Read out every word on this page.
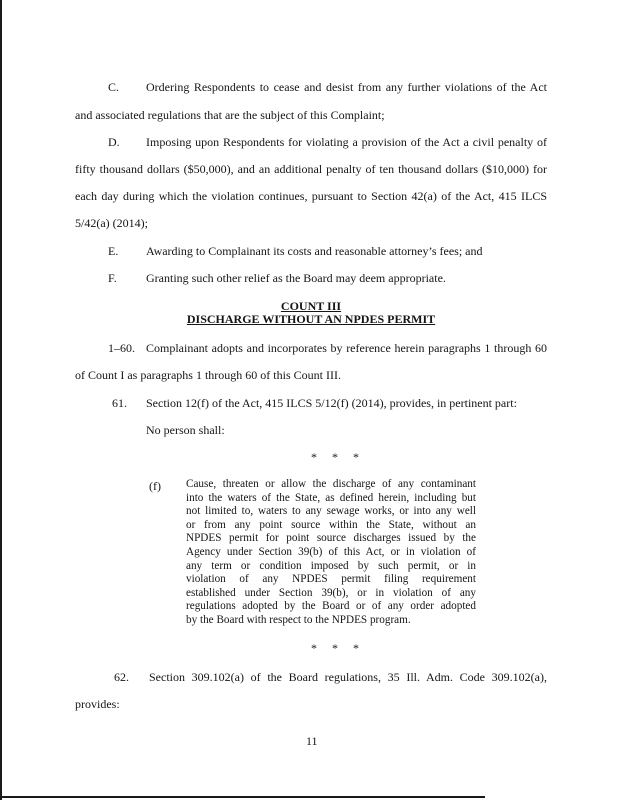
C. Ordering Respondents to cease and desist from any further violations of the Act
and associated regulations that are the subject of this Complaint;
D. Imposing upon Respondents for violating a provision of the Act a civil penalty of
fifty thousand dollars ($50,000), and an additional penalty of ten thousand dollars ($10,000) for
each day during which the violation continues, pursuant to Section 42(a) of the Act, 415 ILCS
5/42(a) (2014);
E. Awarding to Complainant its costs and reasonable attorney’s fees; and
F. Granting such other relief as the Board may deem appropriate.
COUNT III
DISCHARGE WITHOUT AN NPDES PERMIT
1–60. Complainant adopts and incorporates by reference herein paragraphs 1 through 60
of Count I as paragraphs 1 through 60 of this Count III.
61. Section 12(f) of the Act, 415 ILCS 5/12(f) (2014), provides, in pertinent part:
No person shall:
* * *
(f) Cause, threaten or allow the discharge of any contaminant
into the waters of the State, as defined herein, including but
not limited to, waters to any sewage works, or into any well
or from any point source within the State, without an
NPDES permit for point source discharges issued by the
Agency under Section 39(b) of this Act, or in violation of
any term or condition imposed by such permit, or in
violation of any NPDES permit filing requirement
established under Section 39(b), or in violation of any
regulations adopted by the Board or of any order adopted
by the Board with respect to the NPDES program.
* * *
62. Section 309.102(a) of the Board regulations, 35 Ill. Adm. Code 309.102(a),
provides:
11
